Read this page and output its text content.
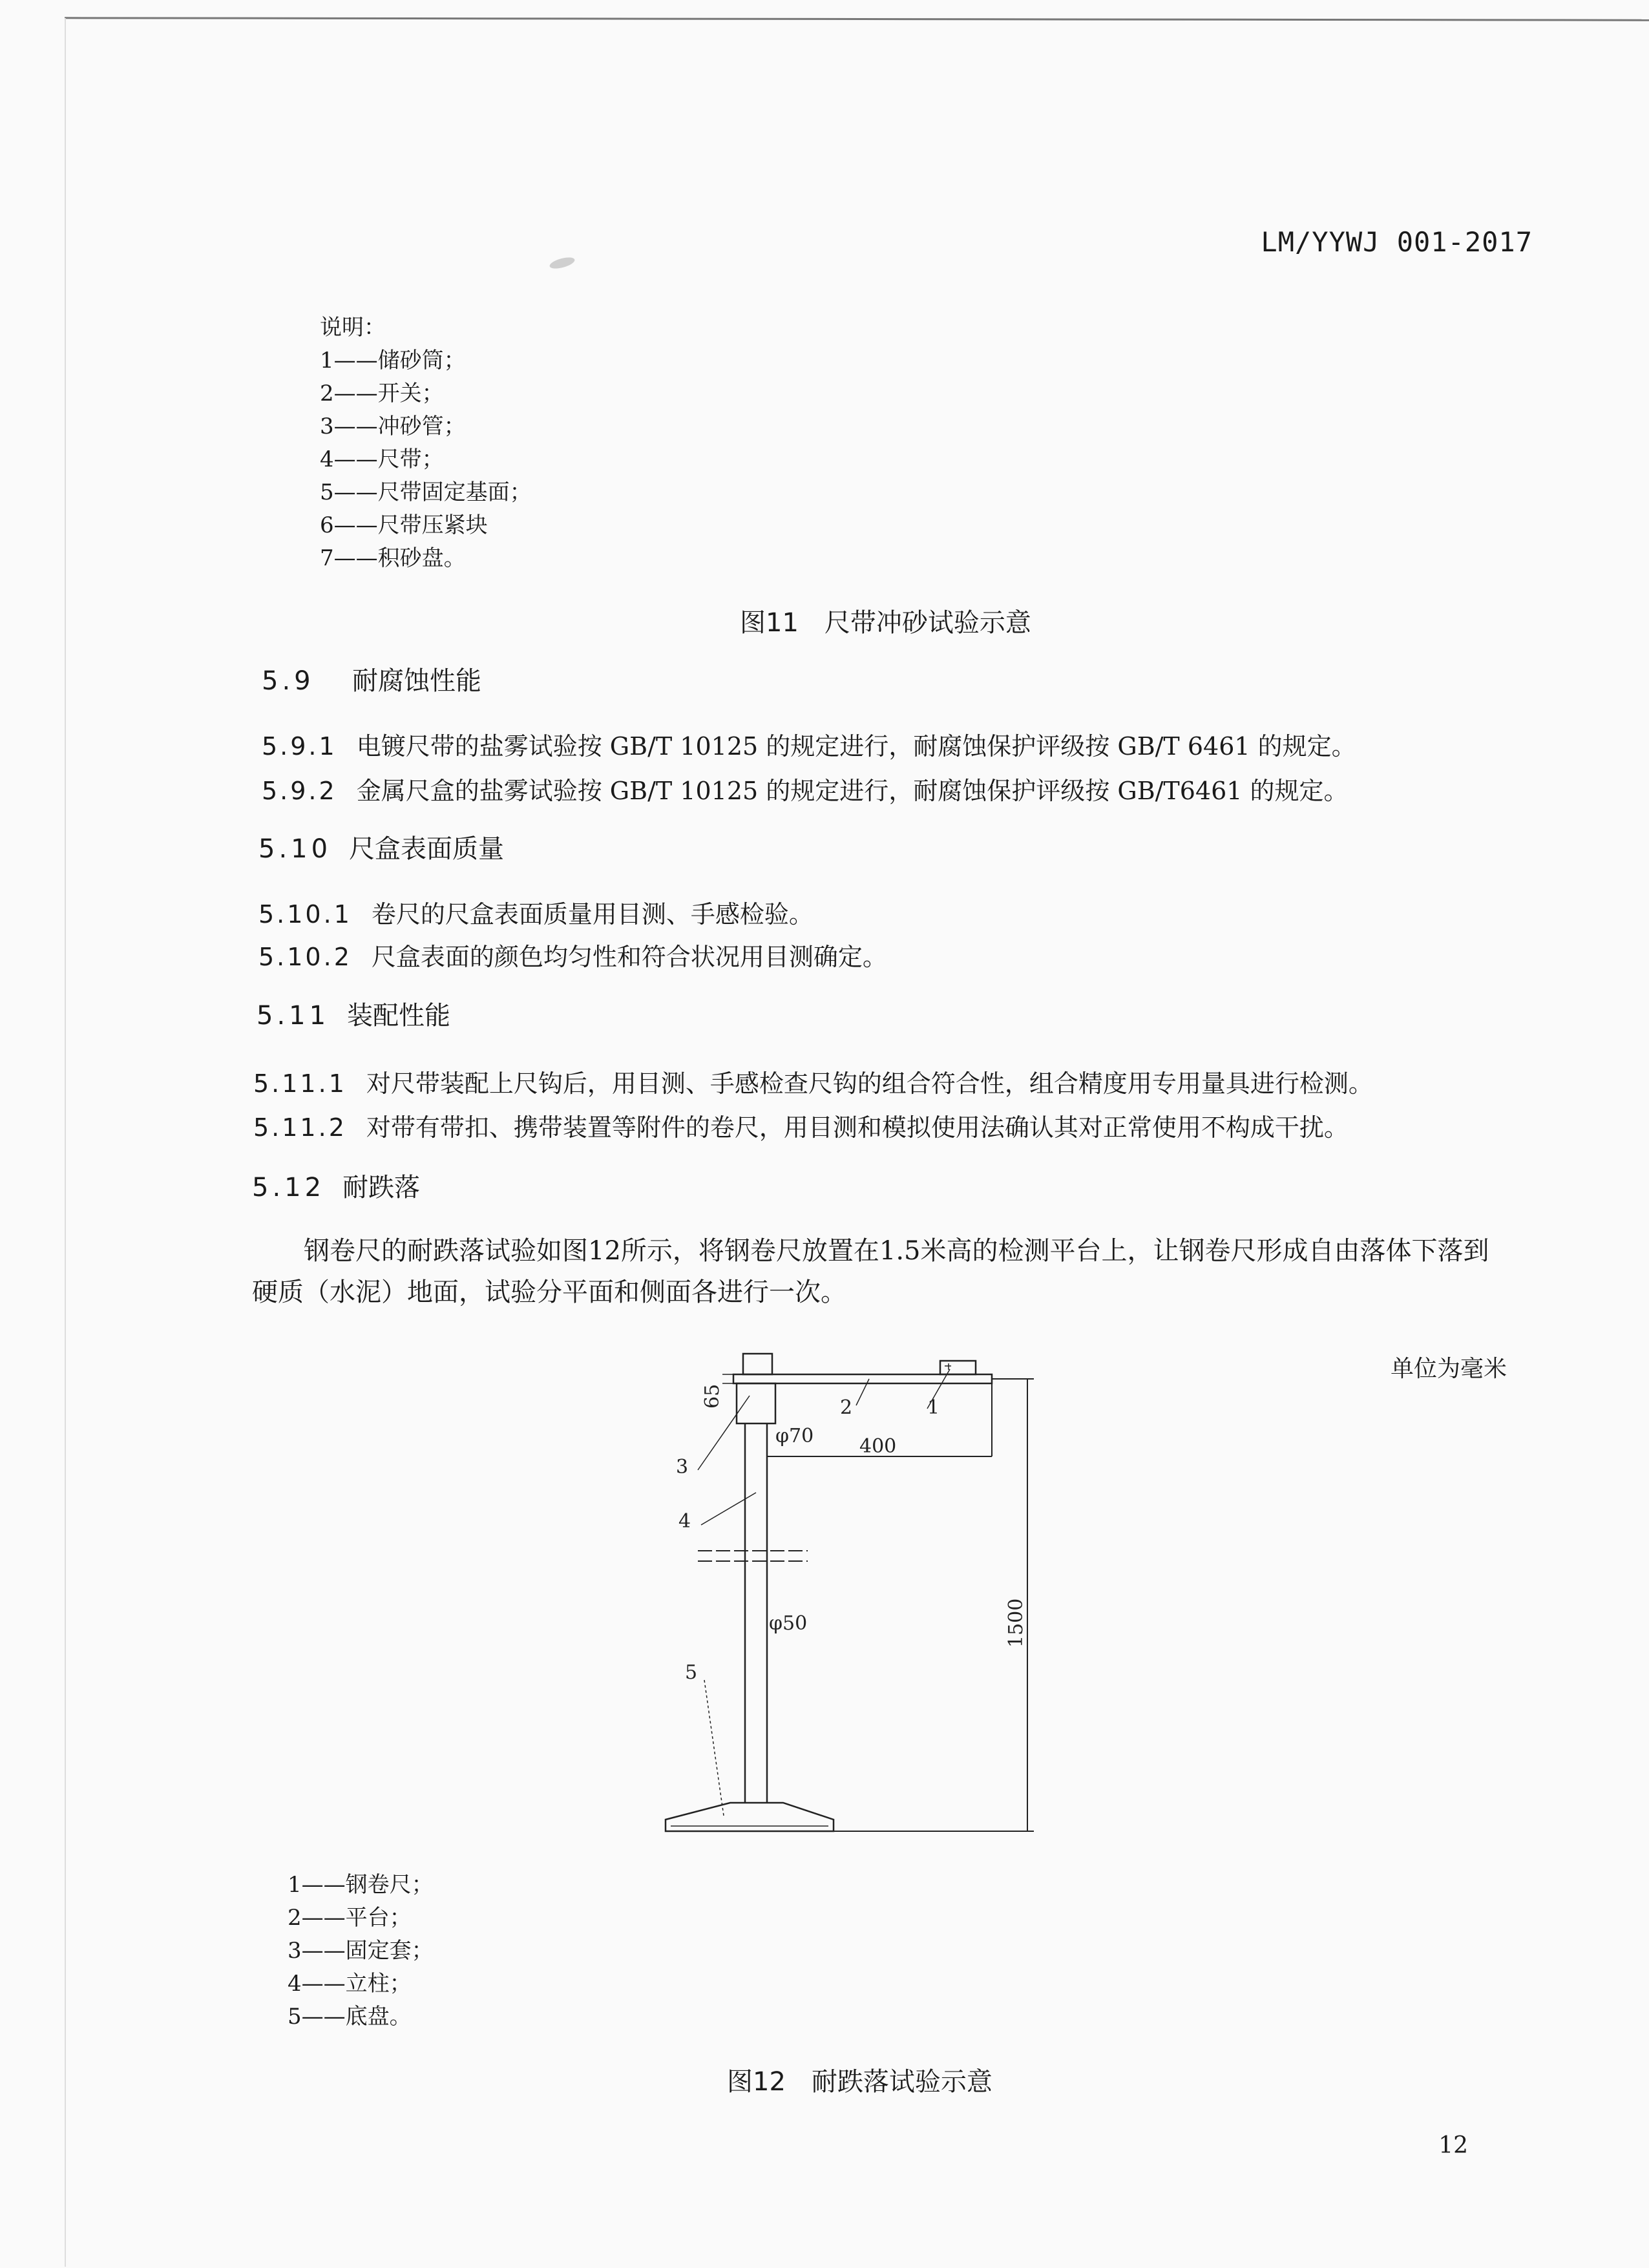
LM/YYWJ 001-2017
说明：
1——储砂筒；
2——开关；
3——冲砂管；
4——尺带；
5——尺带固定基面；
6——尺带压紧块
7——积砂盘。
图11　尺带冲砂试验示意
5.9 耐腐蚀性能
5.9.1 电镀尺带的盐雾试验按 GB/T 10125 的规定进行，耐腐蚀保护评级按 GB/T 6461 的规定。
5.9.2 金属尺盒的盐雾试验按 GB/T 10125 的规定进行，耐腐蚀保护评级按 GB/T6461 的规定。
5.10 尺盒表面质量
5.10.1 卷尺的尺盒表面质量用目测、手感检验。
5.10.2 尺盒表面的颜色均匀性和符合状况用目测确定。
5.11 装配性能
5.11.1 对尺带装配上尺钩后，用目测、手感检查尺钩的组合符合性，组合精度用专用量具进行检测。
5.11.2 对带有带扣、携带装置等附件的卷尺，用目测和模拟使用法确认其对正常使用不构成干扰。
5.12 耐跌落
钢卷尺的耐跌落试验如图12所示，将钢卷尺放置在1.5米高的检测平台上，让钢卷尺形成自由落体下落到硬质（水泥）地面，试验分平面和侧面各进行一次。
单位为毫米
1
2
3
4
5
φ70 400
φ50
65
1500
1——钢卷尺；
2——平台；
3——固定套；
4——立柱；
5——底盘。
图12　耐跌落试验示意
12
